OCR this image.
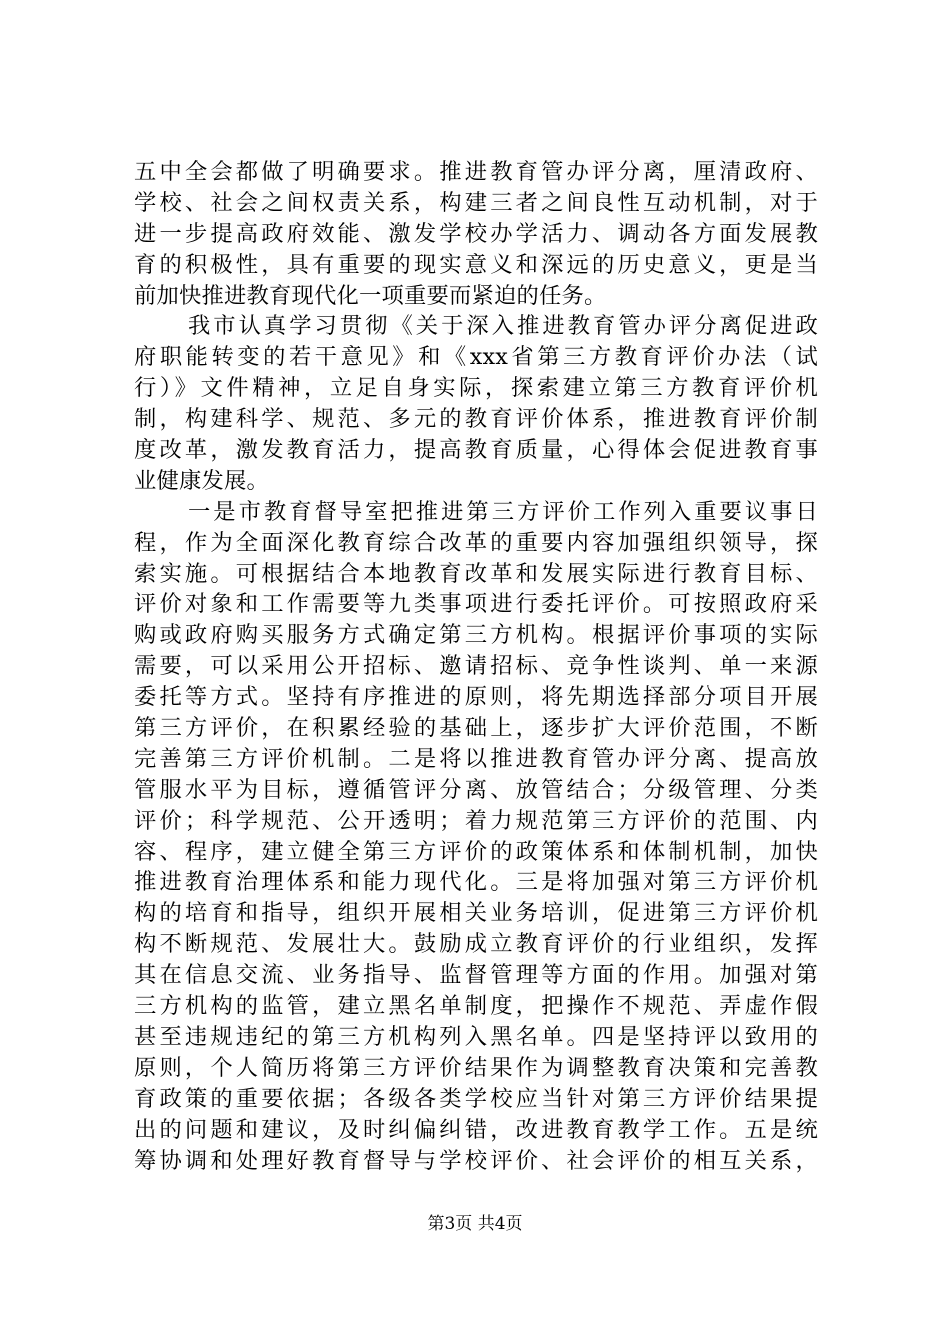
五中全会都做了明确要求。推进教育管办评分离，厘清政府、
学校、社会之间权责关系，构建三者之间良性互动机制，对于
进一步提高政府效能、激发学校办学活力、调动各方面发展教
育的积极性，具有重要的现实意义和深远的历史意义，更是当
前加快推进教育现代化一项重要而紧迫的任务。
我市认真学习贯彻《关于深入推进教育管办评分离促进政
府职能转变的若干意见》和《xxx省第三方教育评价办法（试
行）》文件精神，立足自身实际，探索建立第三方教育评价机
制，构建科学、规范、多元的教育评价体系，推进教育评价制
度改革，激发教育活力，提高教育质量，心得体会促进教育事
业健康发展。
一是市教育督导室把推进第三方评价工作列入重要议事日
程，作为全面深化教育综合改革的重要内容加强组织领导，探
索实施。可根据结合本地教育改革和发展实际进行教育目标、
评价对象和工作需要等九类事项进行委托评价。可按照政府采
购或政府购买服务方式确定第三方机构。根据评价事项的实际
需要，可以采用公开招标、邀请招标、竞争性谈判、单一来源
委托等方式。坚持有序推进的原则，将先期选择部分项目开展
第三方评价，在积累经验的基础上，逐步扩大评价范围，不断
完善第三方评价机制。二是将以推进教育管办评分离、提高放
管服水平为目标，遵循管评分离、放管结合；分级管理、分类
评价；科学规范、公开透明；着力规范第三方评价的范围、内
容、程序，建立健全第三方评价的政策体系和体制机制，加快
推进教育治理体系和能力现代化。三是将加强对第三方评价机
构的培育和指导，组织开展相关业务培训，促进第三方评价机
构不断规范、发展壮大。鼓励成立教育评价的行业组织，发挥
其在信息交流、业务指导、监督管理等方面的作用。加强对第
三方机构的监管，建立黑名单制度，把操作不规范、弄虚作假
甚至违规违纪的第三方机构列入黑名单。四是坚持评以致用的
原则，个人简历将第三方评价结果作为调整教育决策和完善教
育政策的重要依据；各级各类学校应当针对第三方评价结果提
出的问题和建议，及时纠偏纠错，改进教育教学工作。五是统
筹协调和处理好教育督导与学校评价、社会评价的相互关系，
第3页 共4页
